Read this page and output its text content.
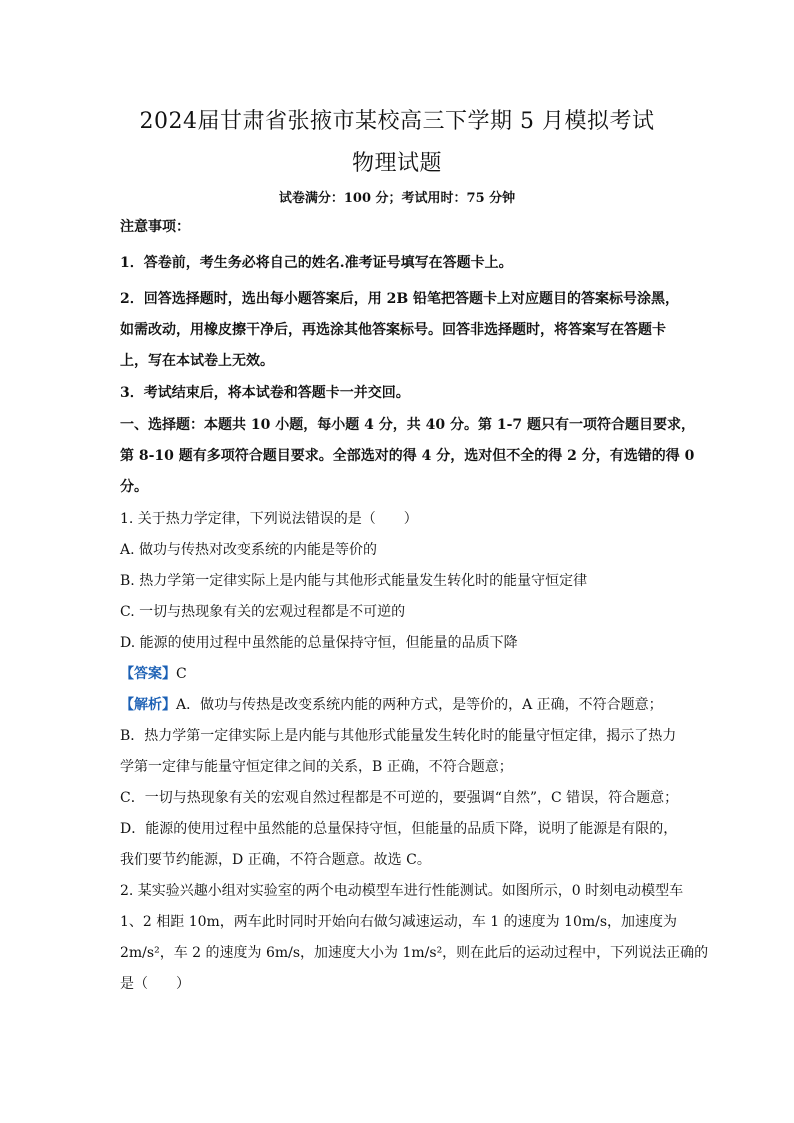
2024届甘肃省张掖市某校高三下学期 5 月模拟考试
物理试题
试卷满分：100 分；考试用时：75 分钟
注意事项：
1．答卷前，考生务必将自己的姓名.准考证号填写在答题卡上。
2．回答选择题时，选出每小题答案后，用 2B 铅笔把答题卡上对应题目的答案标号涂黑，
如需改动，用橡皮擦干净后，再选涂其他答案标号。回答非选择题时，将答案写在答题卡
上，写在本试卷上无效。
3．考试结束后，将本试卷和答题卡一并交回。
一、选择题：本题共 10 小题，每小题 4 分，共 40 分。第 1-7 题只有一项符合题目要求，
第 8-10 题有多项符合题目要求。全部选对的得 4 分，选对但不全的得 2 分，有选错的得 0
分。
1. 关于热力学定律，下列说法错误的是（　　）
A. 做功与传热对改变系统的内能是等价的
B. 热力学第一定律实际上是内能与其他形式能量发生转化时的能量守恒定律
C. 一切与热现象有关的宏观过程都是不可逆的
D. 能源的使用过程中虽然能的总量保持守恒，但能量的品质下降
【答案】C
【解析】A．做功与传热是改变系统内能的两种方式，是等价的，A 正确，不符合题意；
B．热力学第一定律实际上是内能与其他形式能量发生转化时的能量守恒定律，揭示了热力
学第一定律与能量守恒定律之间的关系，B 正确，不符合题意；
C．一切与热现象有关的宏观自然过程都是不可逆的，要强调“自然”，C 错误，符合题意；
D．能源的使用过程中虽然能的总量保持守恒，但能量的品质下降，说明了能源是有限的，
我们要节约能源，D 正确，不符合题意。故选 C。
2. 某实验兴趣小组对实验室的两个电动模型车进行性能测试。如图所示，0 时刻电动模型车
1、2 相距 10m，两车此时同时开始向右做匀减速运动，车 1 的速度为 10m/s，加速度为
2m/s²，车 2 的速度为 6m/s，加速度大小为 1m/s²，则在此后的运动过程中，下列说法正确的
是（　　）
